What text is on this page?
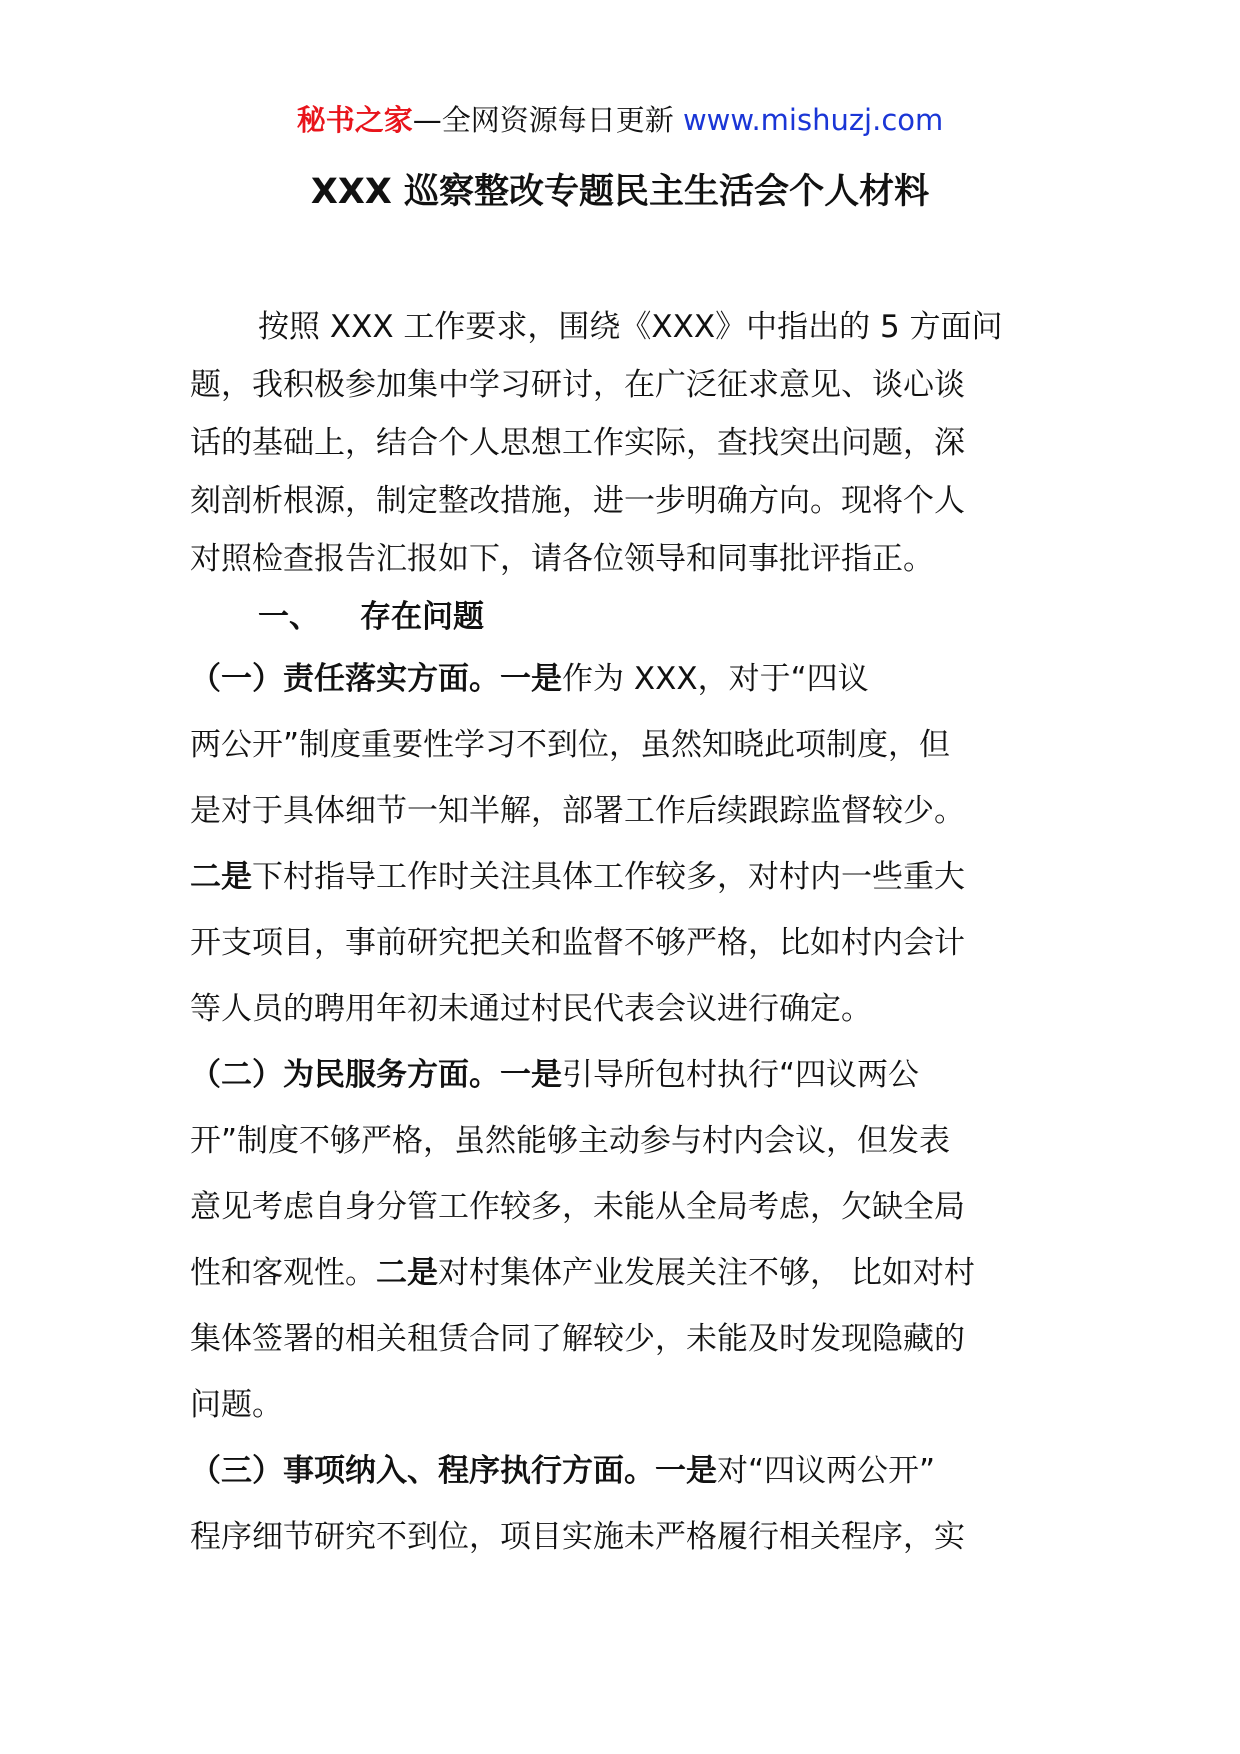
秘书之家—全网资源每日更新 www.mishuzj.com
XXX 巡察整改专题民主生活会个人材料

按照 XXX 工作要求，围绕《XXX》中指出的 5 方面问
题，我积极参加集中学习研讨，在广泛征求意见、谈心谈
话的基础上，结合个人思想工作实际，查找突出问题，深
刻剖析根源，制定整改措施，进一步明确方向。现将个人
对照检查报告汇报如下，请各位领导和同事批评指正。

一、 存在问题

（一）责任落实方面。一是作为 XXX，对于“四议
两公开”制度重要性学习不到位，虽然知晓此项制度，但
是对于具体细节一知半解，部署工作后续跟踪监督较少。
二是下村指导工作时关注具体工作较多，对村内一些重大
开支项目，事前研究把关和监督不够严格，比如村内会计
等人员的聘用年初未通过村民代表会议进行确定。

（二）为民服务方面。一是引导所包村执行“四议两公
开”制度不够严格，虽然能够主动参与村内会议，但发表
意见考虑自身分管工作较多，未能从全局考虑，欠缺全局
性和客观性。二是对村集体产业发展关注不够， 比如对村
集体签署的相关租赁合同了解较少，未能及时发现隐藏的
问题。

（三）事项纳入、程序执行方面。一是对“四议两公开”
程序细节研究不到位，项目实施未严格履行相关程序，实
